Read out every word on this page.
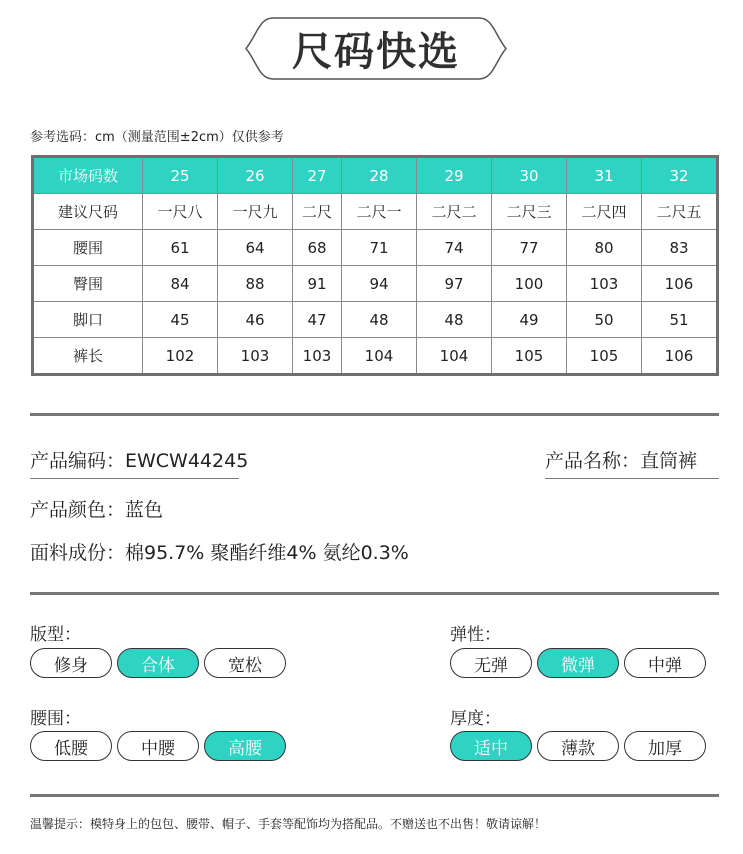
尺码快选
参考选码：cm（测量范围±2cm）仅供参考
市场码数	25	26	27	28	29	30	31	32
建议尺码	一尺八	一尺九	二尺	二尺一	二尺二	二尺三	二尺四	二尺五
腰围	61	64	68	71	74	77	80	83
臀围	84	88	91	94	97	100	103	106
脚口	45	46	47	48	48	49	50	51
裤长	102	103	103	104	104	105	105	106
产品编码：EWCW44245	产品名称：直筒裤
产品颜色：蓝色
面料成份：棉95.7% 聚酯纤维4% 氨纶0.3%
版型：	弹性：
腰围：	厚度：
修身	合体	宽松	无弹	微弹	中弹
低腰	中腰	高腰	适中	薄款	加厚
温馨提示：模特身上的包包、腰带、帽子、手套等配饰均为搭配品。不赠送也不出售！敬请谅解！
